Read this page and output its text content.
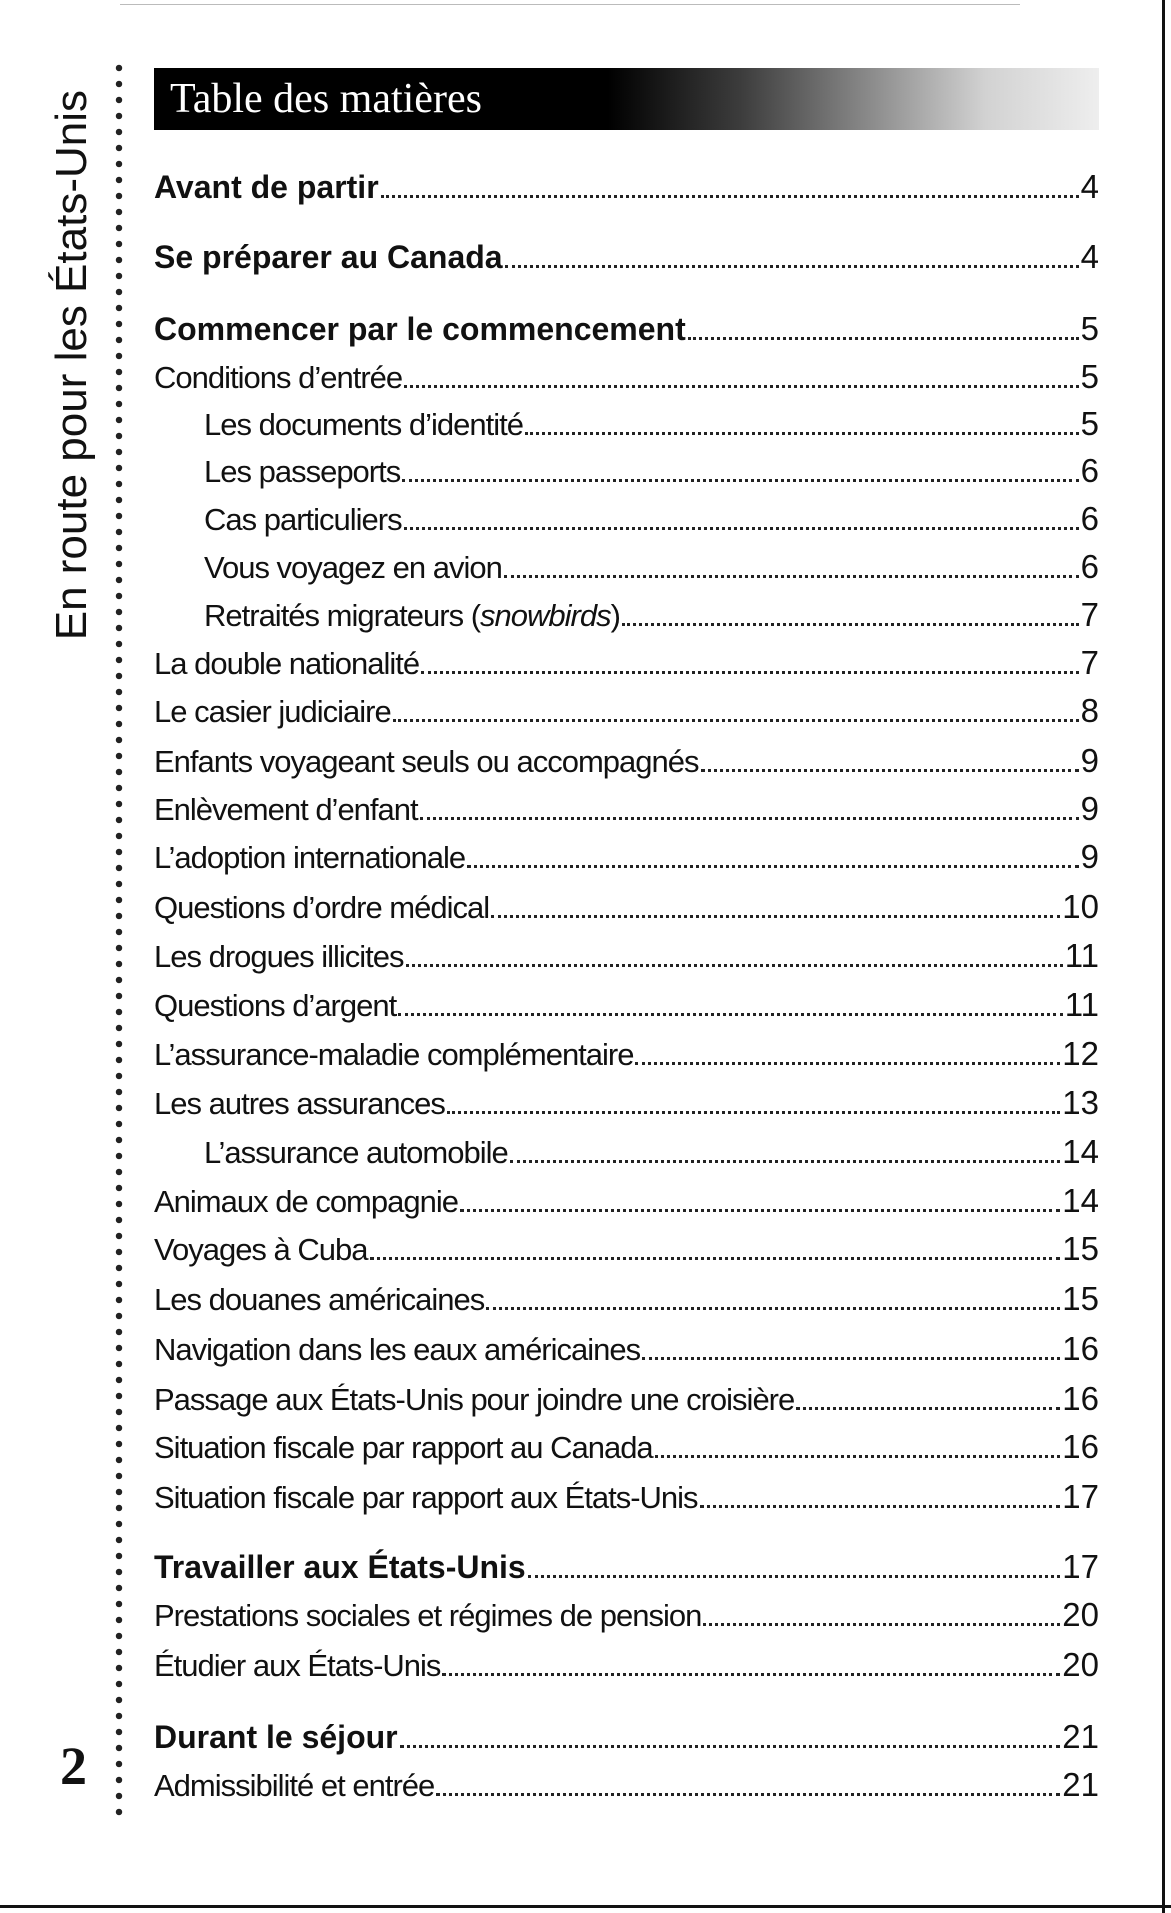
En route pour les États-Unis
2
Table des matières
Avant de partir	4
Se préparer au Canada	4
Commencer par le commencement	5
Conditions d’entrée	5
Les documents d’identité	5
Les passeports	6
Cas particuliers	6
Vous voyagez en avion	6
Retraités migrateurs (snowbirds)	7
La double nationalité	7
Le casier judiciaire	8
Enfants voyageant seuls ou accompagnés	9
Enlèvement d’enfant	9
L’adoption internationale	9
Questions d’ordre médical	10
Les drogues illicites	11
Questions d’argent	11
L’assurance-maladie complémentaire	12
Les autres assurances	13
L’assurance automobile	14
Animaux de compagnie	14
Voyages à Cuba	15
Les douanes américaines	15
Navigation dans les eaux américaines	16
Passage aux États-Unis pour joindre une croisière	16
Situation fiscale par rapport au Canada	16
Situation fiscale par rapport aux États-Unis	17
Travailler aux États-Unis	17
Prestations sociales et régimes de pension	20
Étudier aux États-Unis	20
Durant le séjour	21
Admissibilité et entrée	21
